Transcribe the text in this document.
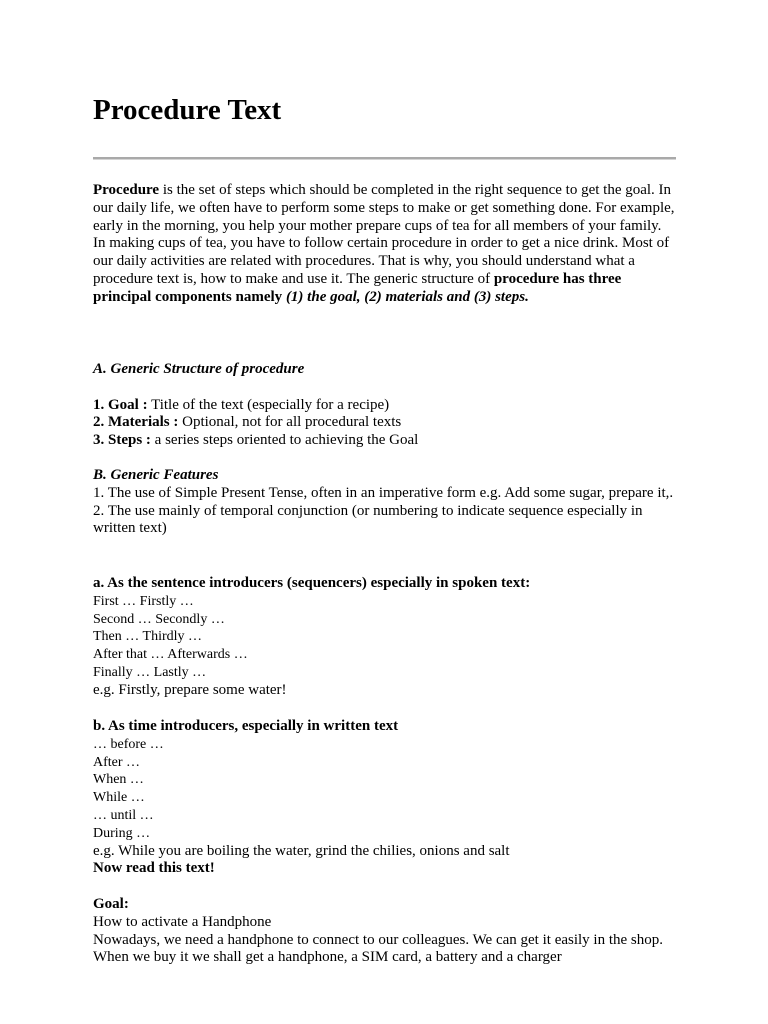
Procedure Text

Procedure is the set of steps which should be completed in the right sequence to get the goal. In our daily life, we often have to perform some steps to make or get something done. For example, early in the morning, you help your mother prepare cups of tea for all members of your family. In making cups of tea, you have to follow certain procedure in order to get a nice drink. Most of our daily activities are related with procedures. That is why, you should understand what a procedure text is, how to make and use it. The generic structure of procedure has three principal components namely (1) the goal, (2) materials and (3) steps.

A. Generic Structure of procedure

1. Goal : Title of the text (especially for a recipe)
2. Materials : Optional, not for all procedural texts
3. Steps : a series steps oriented to achieving the Goal

B. Generic Features

1. The use of Simple Present Tense, often in an imperative form e.g. Add some sugar, prepare it,.

2. The use mainly of temporal conjunction (or numbering to indicate sequence especially in written text)

a. As the sentence introducers (sequencers) especially in spoken text:

First … Firstly …
Second … Secondly …
Then … Thirdly …
After that … Afterwards …
Finally … Lastly …
e.g. Firstly, prepare some water!

b. As time introducers, especially in written text

… before …
After …
When …
While …
… until …
During …
e.g. While you are boiling the water, grind the chilies, onions and salt
Now read this text!

Goal:

How to activate a Handphone

Nowadays, we need a handphone to connect to our colleagues. We can get it easily in the shop. When we buy it we shall get a handphone, a SIM card, a battery and a charger
